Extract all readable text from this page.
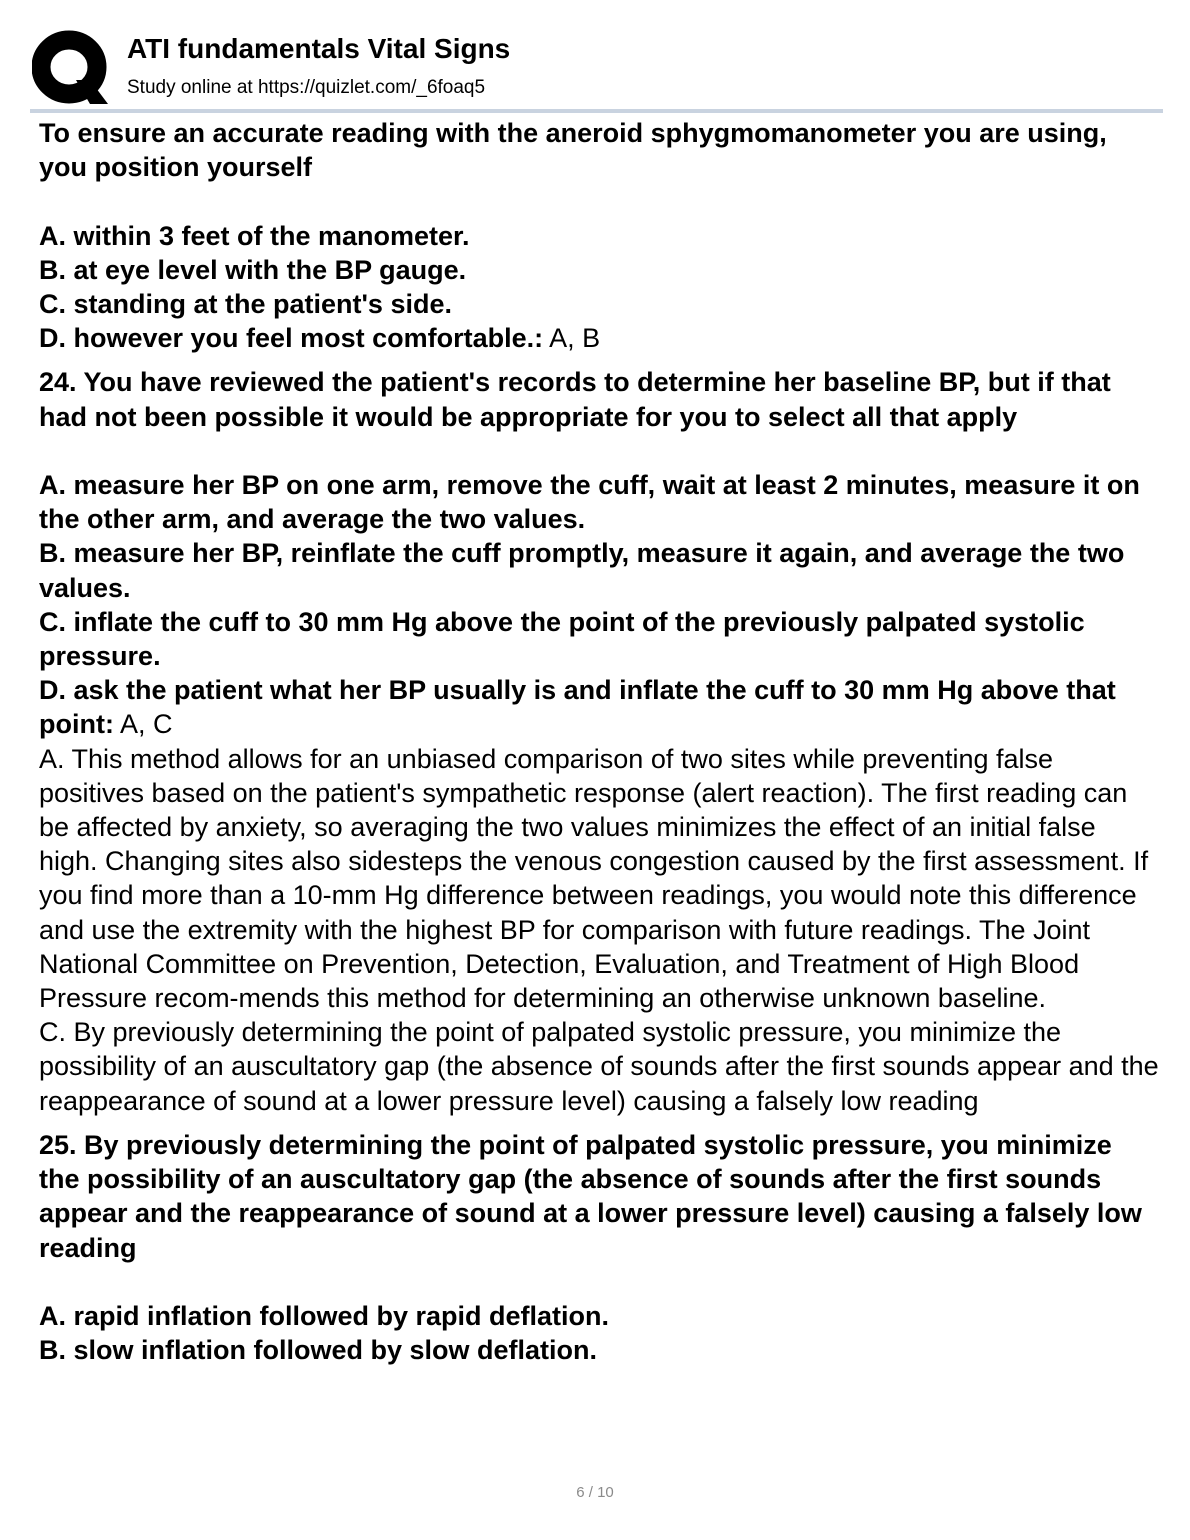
ATI fundamentals Vital Signs
Study online at https://quizlet.com/_6foaq5
To ensure an accurate reading with the aneroid sphygmomanometer you are using, you position yourself

A. within 3 feet of the manometer.
B. at eye level with the BP gauge.
C. standing at the patient's side.
D. however you feel most comfortable.: A, B
24. You have reviewed the patient's records to determine her baseline BP, but if that had not been possible it would be appropriate for you to select all that apply

A. measure her BP on one arm, remove the cuff, wait at least 2 minutes, measure it on the other arm, and average the two values.
B. measure her BP, reinflate the cuff promptly, measure it again, and average the two values.
C. inflate the cuff to 30 mm Hg above the point of the previously palpated systolic pressure.
D. ask the patient what her BP usually is and inflate the cuff to 30 mm Hg above that point: A, C
A. This method allows for an unbiased comparison of two sites while preventing false positives based on the patient's sympathetic response (alert reaction). The first reading can be affected by anxiety, so averaging the two values minimizes the effect of an initial false high. Changing sites also sidesteps the venous congestion caused by the first assessment. If you find more than a 10-mm Hg difference between readings, you would note this difference and use the extremity with the highest BP for comparison with future readings. The Joint National Committee on Prevention, Detection, Evaluation, and Treatment of High Blood Pressure recom-mends this method for determining an otherwise unknown baseline.
C. By previously determining the point of palpated systolic pressure, you minimize the possibility of an auscultatory gap (the absence of sounds after the first sounds appear and the reappearance of sound at a lower pressure level) causing a falsely low reading
25. By previously determining the point of palpated systolic pressure, you minimize the possibility of an auscultatory gap (the absence of sounds after the first sounds appear and the reappearance of sound at a lower pressure level) causing a falsely low reading

A. rapid inflation followed by rapid deflation.
B. slow inflation followed by slow deflation.
6 / 10
